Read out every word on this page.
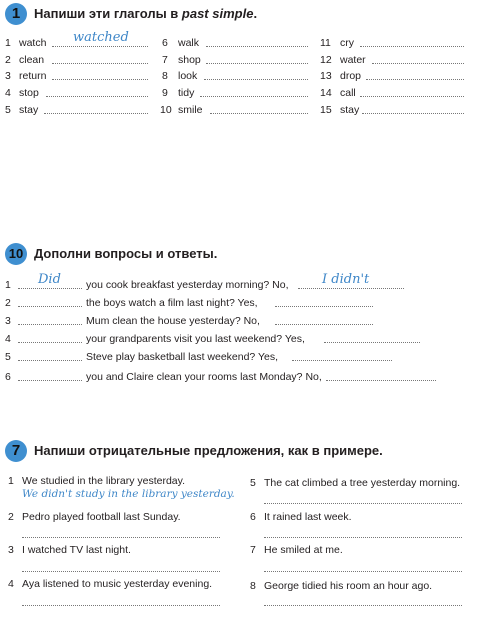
1	Напиши эти глаголы в past simple.
1 watch watched
2 clean
3 return
4 stop
5 stay
6 walk
7 shop
8 look
9 tidy
10 smile
11 cry
12 water
13 drop
14 call
15 stay
10 Дополни вопросы и ответы.
1 Did you cook breakfast yesterday morning? No,	I didn't
2	the boys watch a film last night? Yes,
3	Mum clean the house yesterday? No,
4	your grandparents visit you last weekend? Yes,
5	Steve play basketball last weekend? Yes,
6	you and Claire clean your rooms last Monday? No,
7	Напиши отрицательные предложения, как в примере.
1 We studied in the library yesterday.
We didn't study in the library yesterday.
2 Pedro played football last Sunday.
3 I watched TV last night.
4 Aya listened to music yesterday evening.
5 The cat climbed a tree yesterday morning.
6 It rained last week.
7 He smiled at me.
8 George tidied his room an hour ago.
